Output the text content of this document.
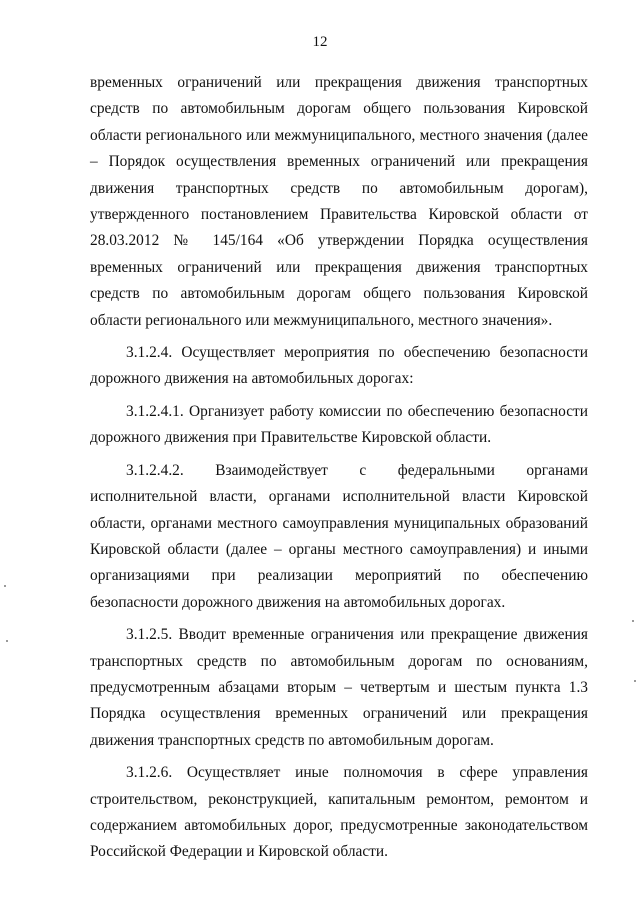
12

временных ограничений или прекращения движения транспортных средств по автомобильным дорогам общего пользования Кировской области регионального или межмуниципального, местного значения (далее – Порядок осуществления временных ограничений или прекращения движения транспортных средств по автомобильным дорогам), утвержденного постановлением Правительства Кировской области от 28.03.2012 № 145/164 «Об утверждении Порядка осуществления временных ограничений или прекращения движения транспортных средств по автомобильным дорогам общего пользования Кировской области регионального или межмуниципального, местного значения».

3.1.2.4. Осуществляет мероприятия по обеспечению безопасности дорожного движения на автомобильных дорогах:

3.1.2.4.1. Организует работу комиссии по обеспечению безопасности дорожного движения при Правительстве Кировской области.

3.1.2.4.2. Взаимодействует с федеральными органами исполнительной власти, органами исполнительной власти Кировской области, органами местного самоуправления муниципальных образований Кировской области (далее – органы местного самоуправления) и иными организациями при реализации мероприятий по обеспечению безопасности дорожного движения на автомобильных дорогах.

3.1.2.5. Вводит временные ограничения или прекращение движения транспортных средств по автомобильным дорогам по основаниям, предусмотренным абзацами вторым – четвертым и шестым пункта 1.3 Порядка осуществления временных ограничений или прекращения движения транспортных средств по автомобильным дорогам.

3.1.2.6. Осуществляет иные полномочия в сфере управления строительством, реконструкцией, капитальным ремонтом, ремонтом и содержанием автомобильных дорог, предусмотренные законодательством Российской Федерации и Кировской области.
